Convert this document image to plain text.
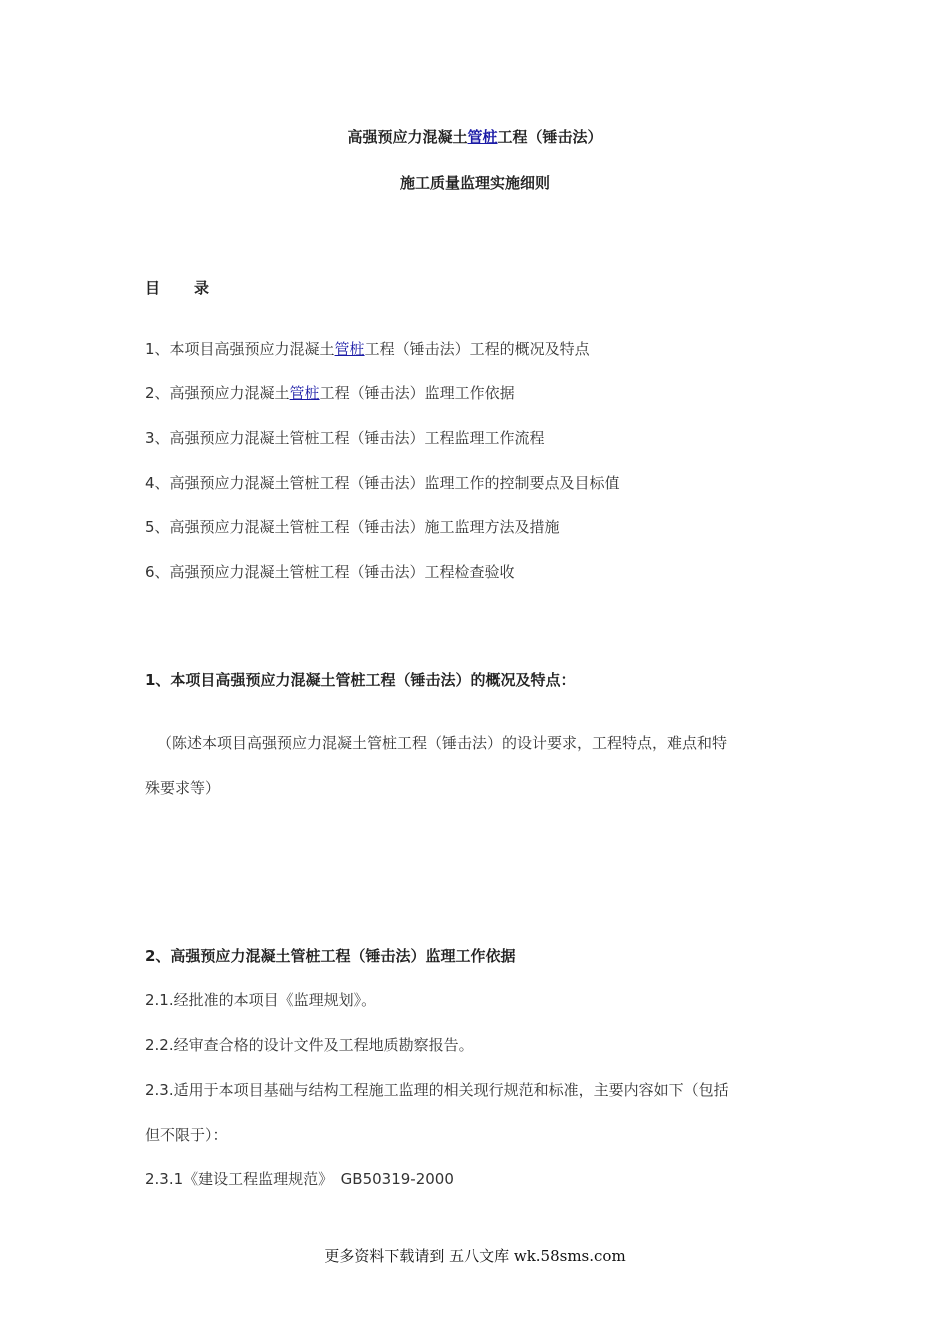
高强预应力混凝土管桩工程（锤击法）
施工质量监理实施细则
目 录
1、本项目高强预应力混凝土管桩工程（锤击法）工程的概况及特点
2、高强预应力混凝土管桩工程（锤击法）监理工作依据
3、高强预应力混凝土管桩工程（锤击法）工程监理工作流程
4、高强预应力混凝土管桩工程（锤击法）监理工作的控制要点及目标值
5、高强预应力混凝土管桩工程（锤击法）施工监理方法及措施
6、高强预应力混凝土管桩工程（锤击法）工程检查验收
1、本项目高强预应力混凝土管桩工程（锤击法）的概况及特点：
（陈述本项目高强预应力混凝土管桩工程（锤击法）的设计要求，工程特点，难点和特
殊要求等）
2、高强预应力混凝土管桩工程（锤击法）监理工作依据
2.1.经批准的本项目《监理规划》。
2.2.经审查合格的设计文件及工程地质勘察报告。
2.3.适用于本项目基础与结构工程施工监理的相关现行规范和标准，主要内容如下（包括
但不限于）：
2.3.1《建设工程监理规范》　GB50319-2000
更多资料下载请到 五八文库 wk.58sms.com
